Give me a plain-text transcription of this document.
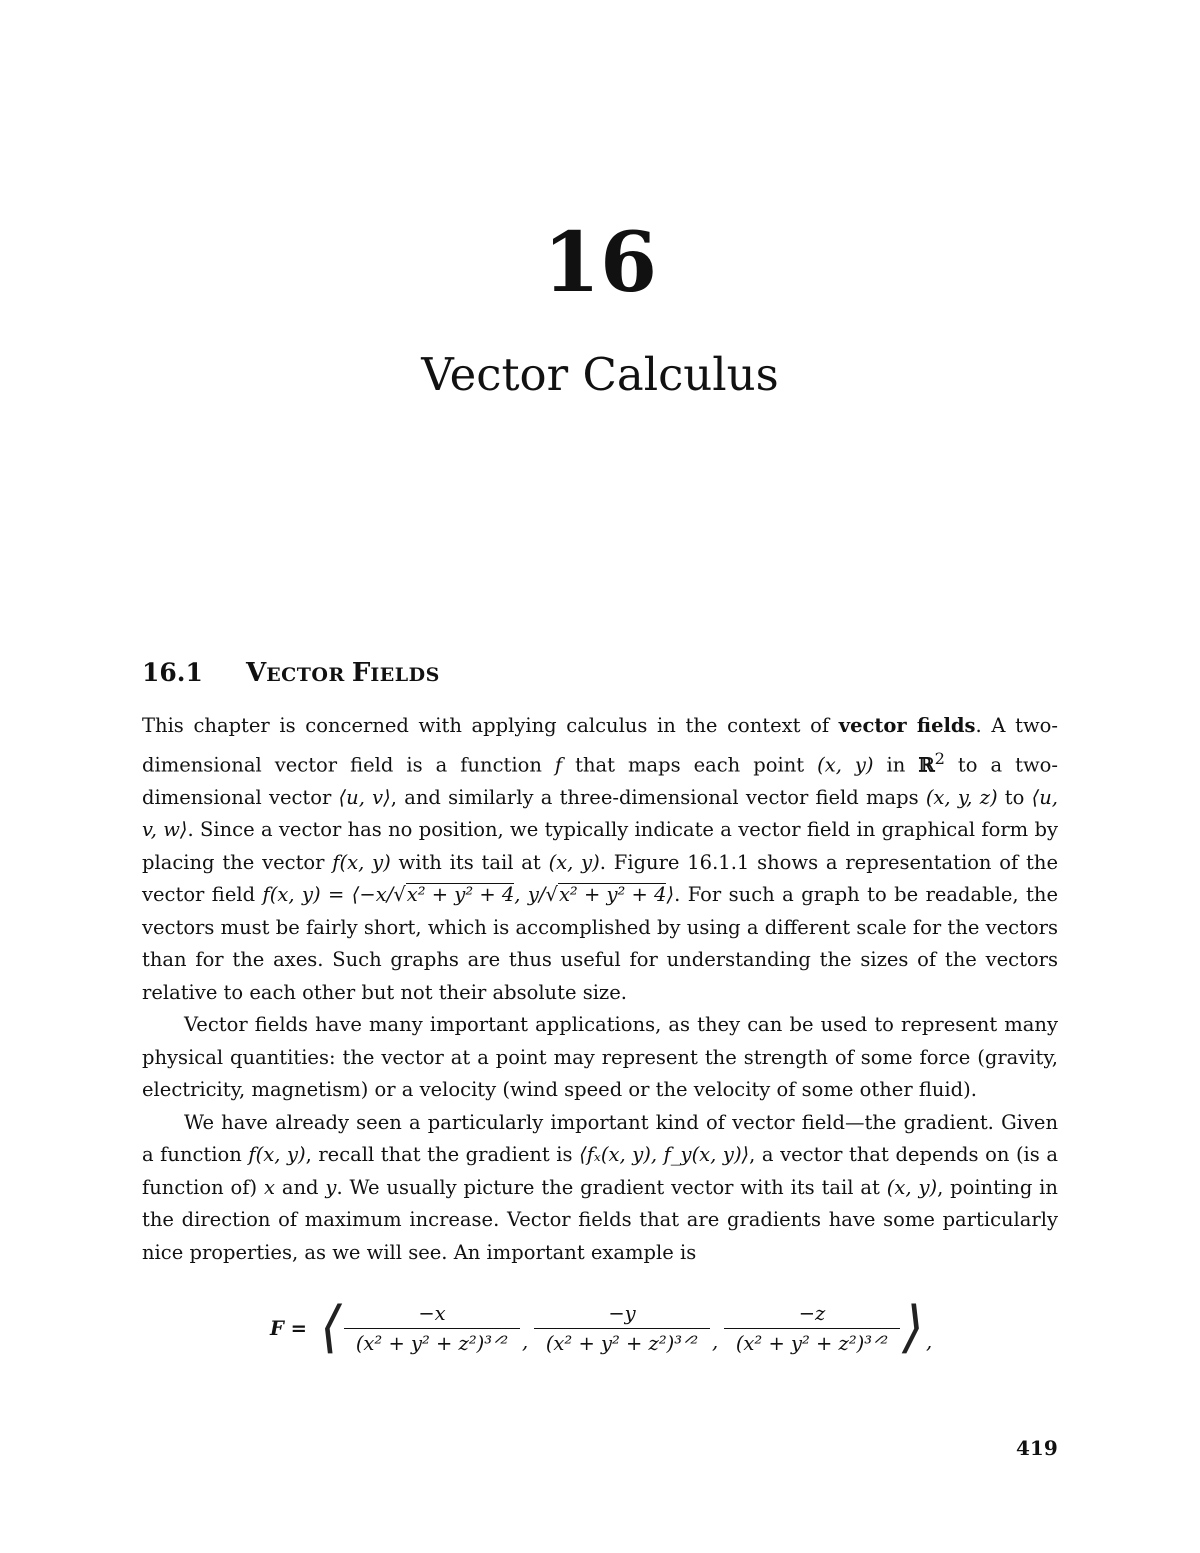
16
Vector Calculus
16.1 VECTOR FIELDS

This chapter is concerned with applying calculus in the context of vector fields. A two-dimensional vector field is a function f that maps each point (x, y) in ℝ$^2$ to a two-dimensional vector ⟨u, v⟩, and similarly a three-dimensional vector field maps (x, y, z) to ⟨u, v, w⟩. Since a vector has no position, we typically indicate a vector field in graphical form by placing the vector f(x, y) with its tail at (x, y). Figure 16.1.1 shows a representation of the vector field f(x, y) = ⟨−x/√x² + y² + 4, y/√x² + y² + 4⟩. For such a graph to be readable, the vectors must be fairly short, which is accomplished by using a different scale for the vectors than for the axes. Such graphs are thus useful for understanding the sizes of the vectors relative to each other but not their absolute size.

Vector fields have many important applications, as they can be used to represent many physical quantities: the vector at a point may represent the strength of some force (gravity, electricity, magnetism) or a velocity (wind speed or the velocity of some other fluid).

We have already seen a particularly important kind of vector field—the gradient. Given a function f(x, y), recall that the gradient is ⟨fₓ(x, y), f_y(x, y)⟩, a vector that depends on (is a function of) x and y. We usually picture the gradient vector with its tail at (x, y), pointing in the direction of maximum increase. Vector fields that are gradients have some particularly nice properties, as we will see. An important example is

F = ⟨	−x
(x² + y² + z²)³ᐟ² ,
−y
(x² + y² + z²)³ᐟ² ,
−z
(x² + y² + z²)³ᐟ² ⟩ ,
419
